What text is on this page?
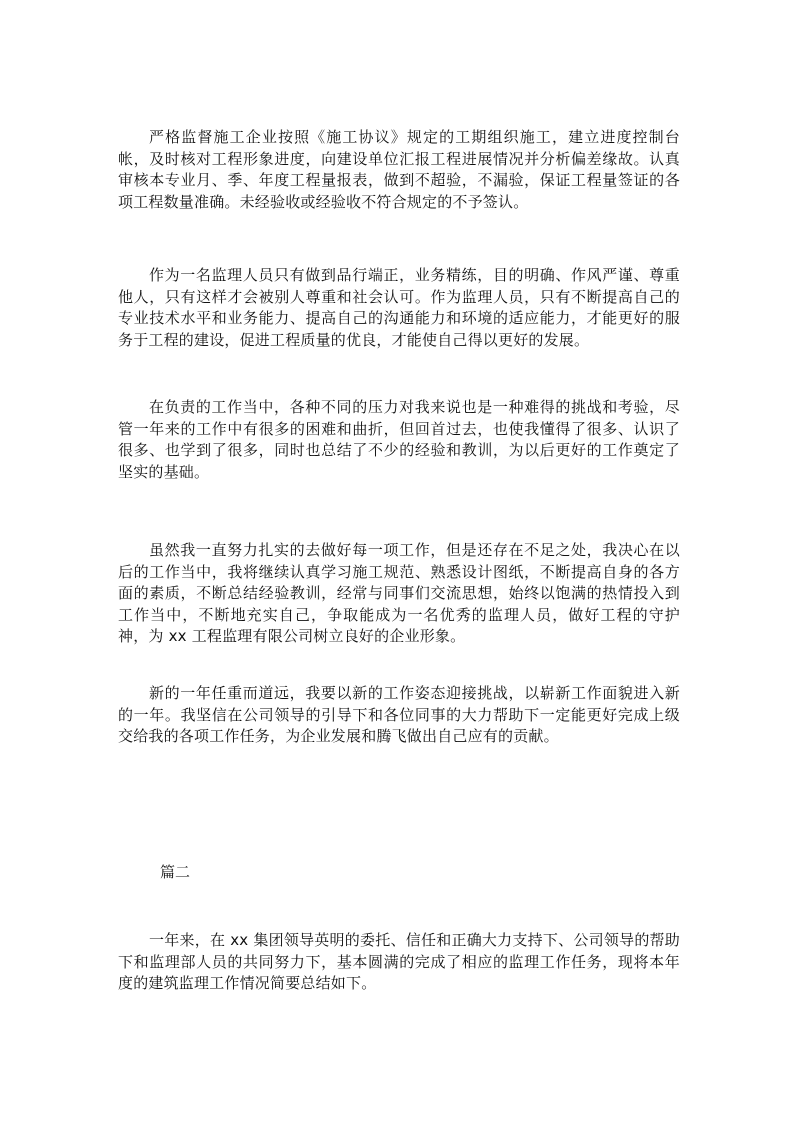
严格监督施工企业按照《施工协议》规定的工期组织施工，建立进度控制台帐，及时核对工程形象进度，向建设单位汇报工程进展情况并分析偏差缘故。认真审核本专业月、季、年度工程量报表，做到不超验，不漏验，保证工程量签证的各项工程数量准确。未经验收或经验收不符合规定的不予签认。

作为一名监理人员只有做到品行端正，业务精练，目的明确、作风严谨、尊重他人，只有这样才会被别人尊重和社会认可。作为监理人员，只有不断提高自己的专业技术水平和业务能力、提高自己的沟通能力和环境的适应能力，才能更好的服务于工程的建设，促进工程质量的优良，才能使自己得以更好的发展。

在负责的工作当中，各种不同的压力对我来说也是一种难得的挑战和考验，尽管一年来的工作中有很多的困难和曲折，但回首过去，也使我懂得了很多、认识了很多、也学到了很多，同时也总结了不少的经验和教训，为以后更好的工作奠定了坚实的基础。

虽然我一直努力扎实的去做好每一项工作，但是还存在不足之处，我决心在以后的工作当中，我将继续认真学习施工规范、熟悉设计图纸，不断提高自身的各方面的素质，不断总结经验教训，经常与同事们交流思想，始终以饱满的热情投入到工作当中，不断地充实自己，争取能成为一名优秀的监理人员，做好工程的守护神，为 xx 工程监理有限公司树立良好的企业形象。

新的一年任重而道远，我要以新的工作姿态迎接挑战，以崭新工作面貌进入新的一年。我坚信在公司领导的引导下和各位同事的大力帮助下一定能更好完成上级交给我的各项工作任务，为企业发展和腾飞做出自己应有的贡献。

篇二

一年来，在 xx 集团领导英明的委托、信任和正确大力支持下、公司领导的帮助下和监理部人员的共同努力下，基本圆满的完成了相应的监理工作任务，现将本年度的建筑监理工作情况简要总结如下。
